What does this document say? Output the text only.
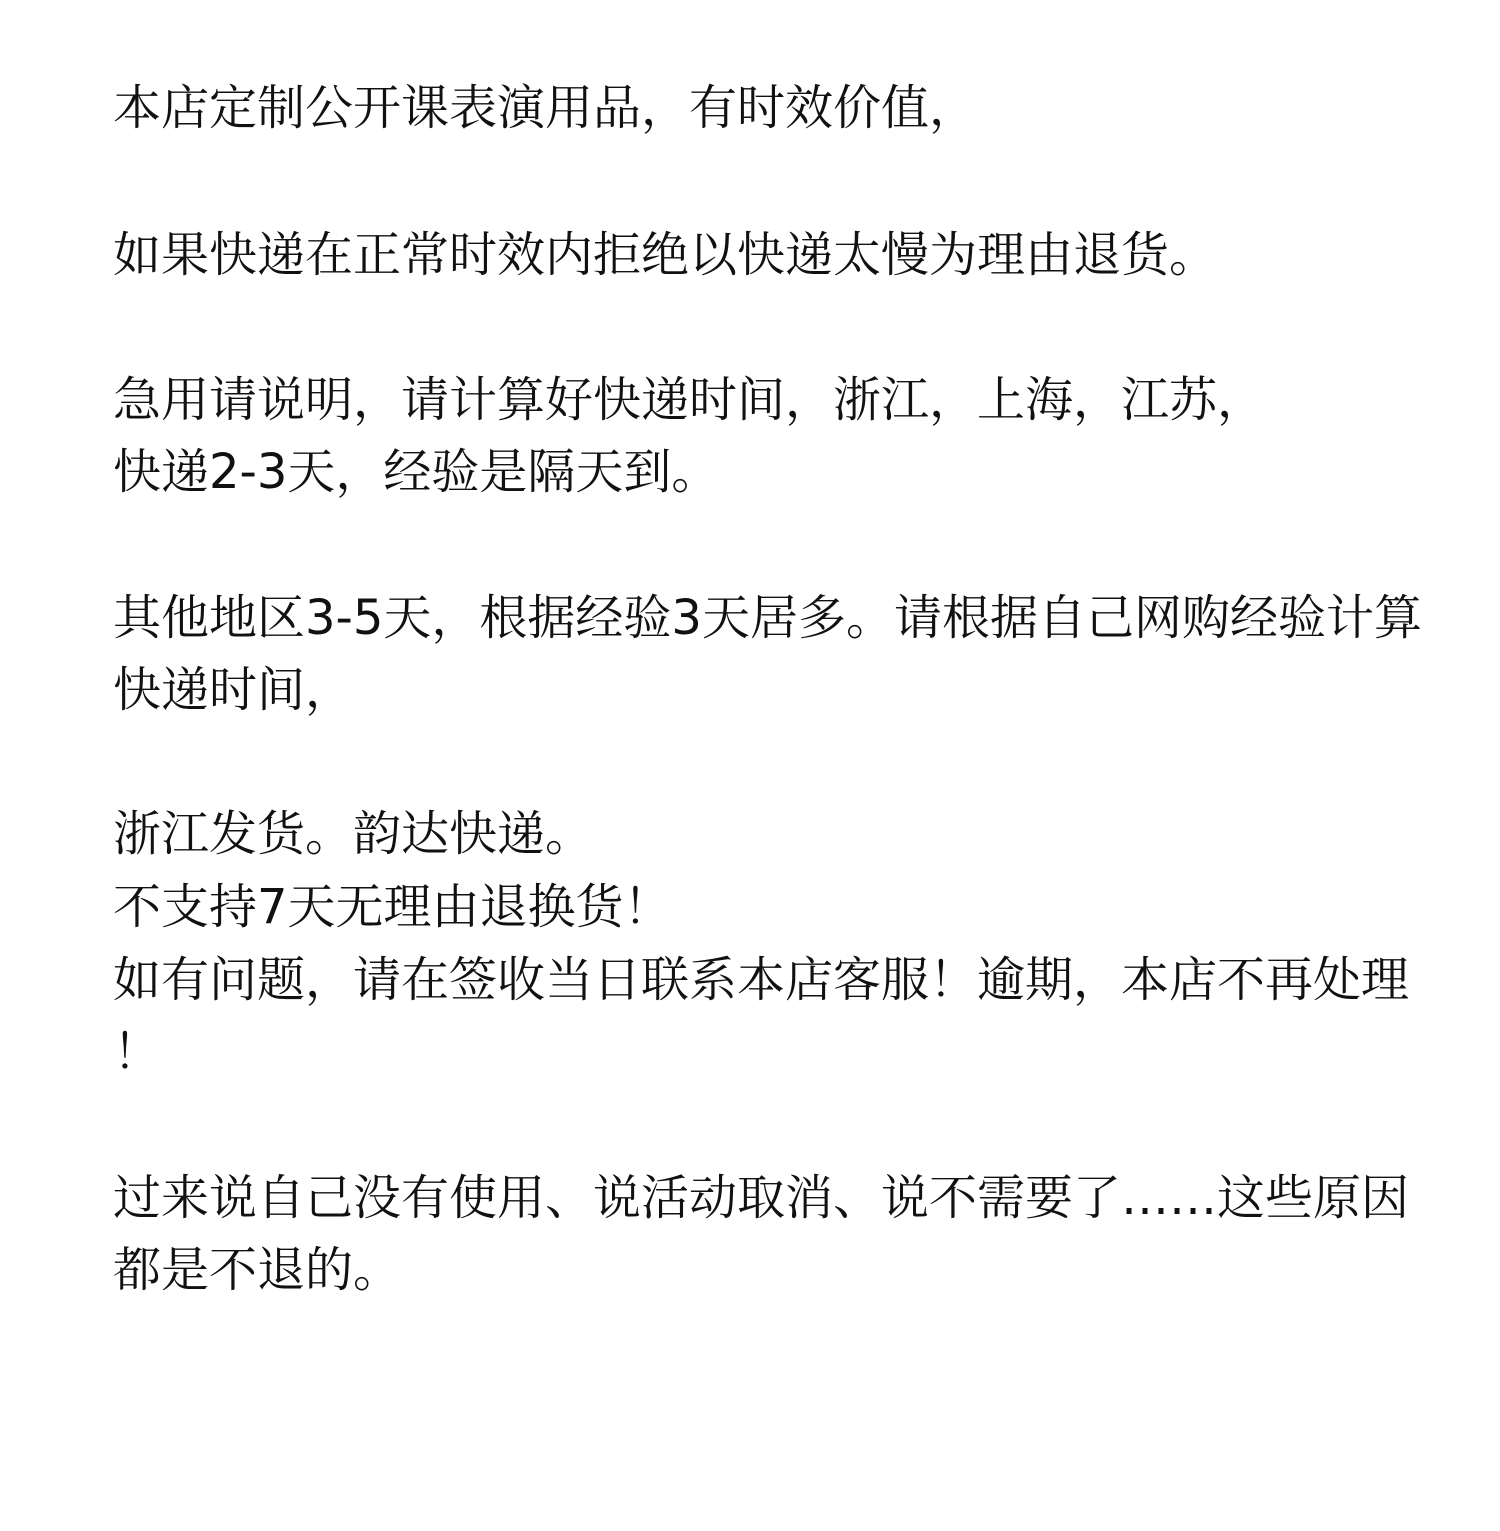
本店定制公开课表演用品，有时效价值，
如果快递在正常时效内拒绝以快递太慢为理由退货。
急用请说明，请计算好快递时间，浙江，上海，江苏，
快递2-3天，经验是隔天到。
其他地区3-5天，根据经验3天居多。请根据自己网购经验计算
快递时间，
浙江发货。韵达快递。
不支持7天无理由退换货！
如有问题，请在签收当日联系本店客服！逾期，本店不再处理
！
过来说自己没有使用、说活动取消、说不需要了……这些原因
都是不退的。
